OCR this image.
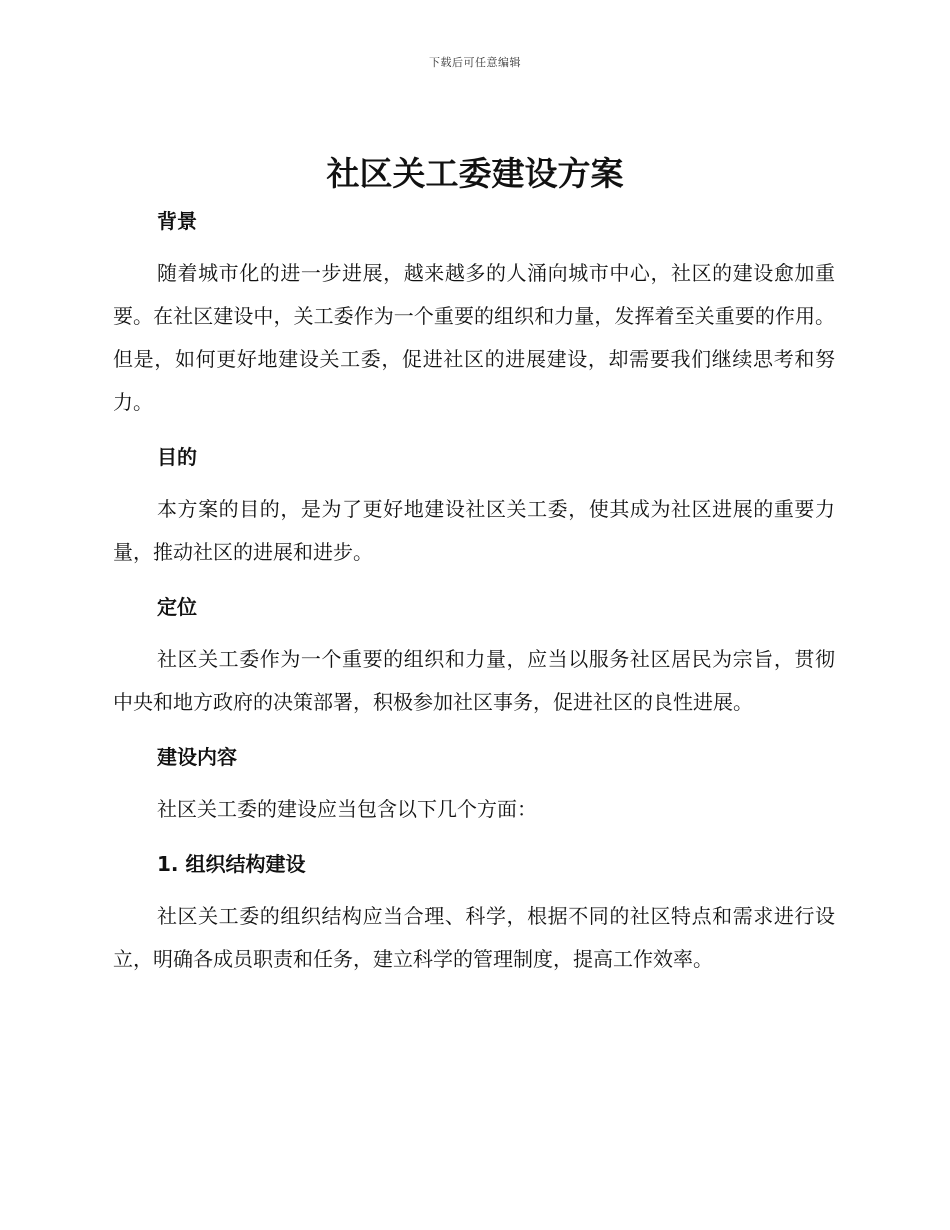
下载后可任意编辑
社区关工委建设方案
背景

随着城市化的进一步进展，越来越多的人涌向城市中心，社区的建设愈加重要。在社区建设中，关工委作为一个重要的组织和力量，发挥着至关重要的作用。但是，如何更好地建设关工委，促进社区的进展建设，却需要我们继续思考和努力。

目的

本方案的目的，是为了更好地建设社区关工委，使其成为社区进展的重要力量，推动社区的进展和进步。

定位

社区关工委作为一个重要的组织和力量，应当以服务社区居民为宗旨，贯彻中央和地方政府的决策部署，积极参加社区事务，促进社区的良性进展。

建设内容

社区关工委的建设应当包含以下几个方面：

1. 组织结构建设

社区关工委的组织结构应当合理、科学，根据不同的社区特点和需求进行设立，明确各成员职责和任务，建立科学的管理制度，提高工作效率。
